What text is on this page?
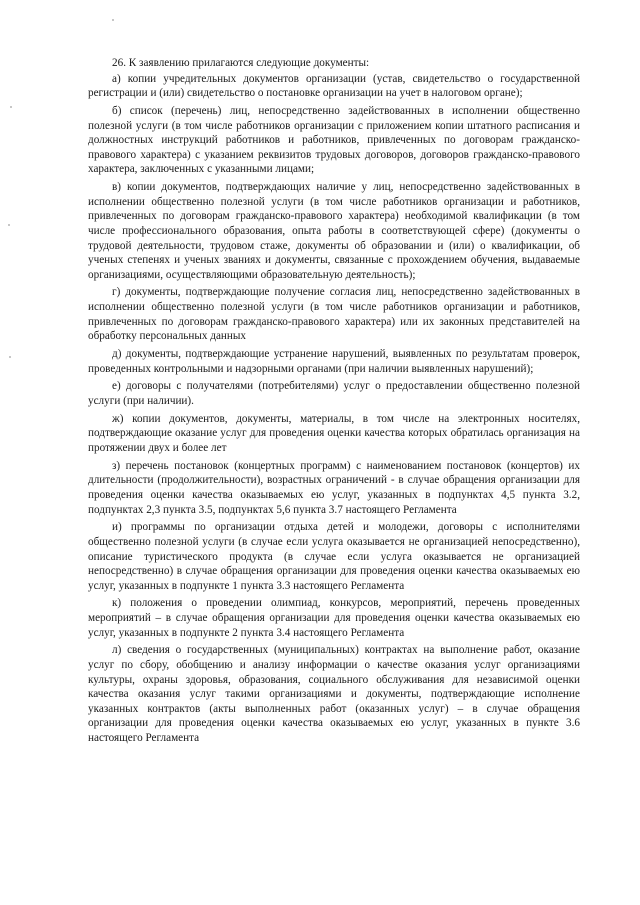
26. К заявлению прилагаются следующие документы:

а) копии учредительных документов организации (устав, свидетельство о государственной регистрации и (или) свидетельство о постановке организации на учет в налоговом органе);

б) список (перечень) лиц, непосредственно задействованных в исполнении общественно полезной услуги (в том числе работников организации с приложением копии штатного расписания и должностных инструкций работников и работников, привлеченных по договорам гражданско-правового характера) с указанием реквизитов трудовых договоров, договоров гражданско-правового характера, заключенных с указанными лицами;

в) копии документов, подтверждающих наличие у лиц, непосредственно задействованных в исполнении общественно полезной услуги (в том числе работников организации и работников, привлеченных по договорам гражданско-правового характера) необходимой квалификации (в том числе профессионального образования, опыта работы в соответствующей сфере) (документы о трудовой деятельности, трудовом стаже, документы об образовании и (или) о квалификации, об ученых степенях и ученых званиях и документы, связанные с прохождением обучения, выдаваемые организациями, осуществляющими образовательную деятельность);

г) документы, подтверждающие получение согласия лиц, непосредственно задействованных в исполнении общественно полезной услуги (в том числе работников организации и работников, привлеченных по договорам гражданско-правового характера) или их законных представителей на обработку персональных данных

д) документы, подтверждающие устранение нарушений, выявленных по результатам проверок, проведенных контрольными и надзорными органами (при наличии выявленных нарушений);

е) договоры с получателями (потребителями) услуг о предоставлении общественно полезной услуги (при наличии).

ж) копии документов, документы, материалы, в том числе на электронных носителях, подтверждающие оказание услуг для проведения оценки качества которых обратилась организация на протяжении двух и более лет

з) перечень постановок (концертных программ) с наименованием постановок (концертов) их длительности (продолжительности), возрастных ограничений - в случае обращения организации для проведения оценки качества оказываемых ею услуг, указанных в подпунктах 4,5 пункта 3.2, подпунктах 2,3 пункта 3.5, подпунктах 5,6 пункта 3.7 настоящего Регламента

и) программы по организации отдыха детей и молодежи, договоры с исполнителями общественно полезной услуги (в случае если услуга оказывается не организацией непосредственно), описание туристического продукта (в случае если услуга оказывается не организацией непосредственно) в случае обращения организации для проведения оценки качества оказываемых ею услуг, указанных в подпункте 1 пункта 3.3 настоящего Регламента

к) положения о проведении олимпиад, конкурсов, мероприятий, перечень проведенных мероприятий – в случае обращения организации для проведения оценки качества оказываемых ею услуг, указанных в подпункте 2 пункта 3.4 настоящего Регламента

л) сведения о государственных (муниципальных) контрактах на выполнение работ, оказание услуг по сбору, обобщению и анализу информации о качестве оказания услуг организациями культуры, охраны здоровья, образования, социального обслуживания для независимой оценки качества оказания услуг такими организациями и документы, подтверждающие исполнение указанных контрактов (акты выполненных работ (оказанных услуг) – в случае обращения организации для проведения оценки качества оказываемых ею услуг, указанных в пункте 3.6 настоящего Регламента
